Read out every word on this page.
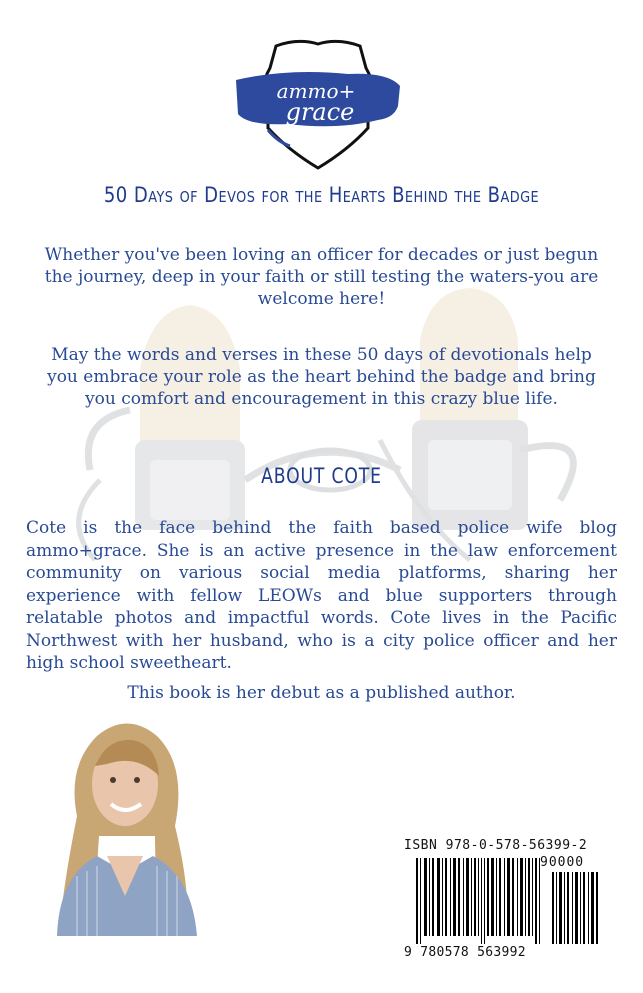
ammo+
grace
50 Days of Devos for the Hearts Behind the Badge
Whether you've been loving an officer for decades or just begun the journey, deep in your faith or still testing the waters-you are welcome here!
May the words and verses in these 50 days of devotionals help you embrace your role as the heart behind the badge and bring you comfort and encouragement in this crazy blue life.
ABOUT COTE
Cote is the face behind the faith based police wife blog ammo+grace. She is an active presence in the law enforcement community on various social media platforms, sharing her experience with fellow LEOWs and blue supporters through relatable photos and impactful words. Cote lives in the Pacific Northwest with her husband, who is a city police officer and her high school sweetheart.
This book is her debut as a published author.
ISBN 978-0-578-56399-2
90000
9 780578 563992
